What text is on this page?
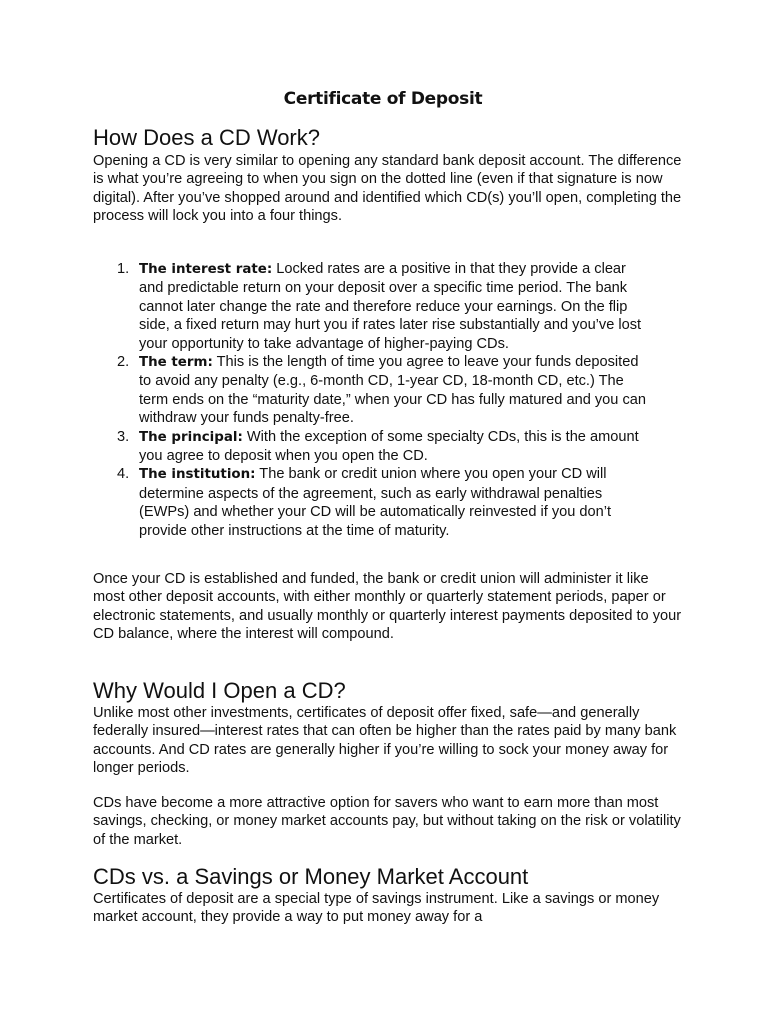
Certificate of Deposit
How Does a CD Work?

Opening a CD is very similar to opening any standard bank deposit account. The difference is what you’re agreeing to when you sign on the dotted line (even if that signature is now digital). After you’ve shopped around and identified which CD(s) you’ll open, completing the process will lock you into a four things.

1. The interest rate: Locked rates are a positive in that they provide a clear and predictable return on your deposit over a specific time period. The bank cannot later change the rate and therefore reduce your earnings. On the flip side, a fixed return may hurt you if rates later rise substantially and you’ve lost your opportunity to take advantage of higher-paying CDs.
2. The term: This is the length of time you agree to leave your funds deposited to avoid any penalty (e.g., 6-month CD, 1-year CD, 18-month CD, etc.) The term ends on the “maturity date,” when your CD has fully matured and you can withdraw your funds penalty-free.
3. The principal: With the exception of some specialty CDs, this is the amount you agree to deposit when you open the CD.
4. The institution: The bank or credit union where you open your CD will determine aspects of the agreement, such as early withdrawal penalties (EWPs) and whether your CD will be automatically reinvested if you don’t provide other instructions at the time of maturity.

Once your CD is established and funded, the bank or credit union will administer it like most other deposit accounts, with either monthly or quarterly statement periods, paper or electronic statements, and usually monthly or quarterly interest payments deposited to your CD balance, where the interest will compound.

Why Would I Open a CD?

Unlike most other investments, certificates of deposit offer fixed, safe—and generally federally insured—interest rates that can often be higher than the rates paid by many bank accounts. And CD rates are generally higher if you’re willing to sock your money away for longer periods.

CDs have become a more attractive option for savers who want to earn more than most savings, checking, or money market accounts pay, but without taking on the risk or volatility of the market.

CDs vs. a Savings or Money Market Account

Certificates of deposit are a special type of savings instrument. Like a savings or money market account, they provide a way to put money away for a
